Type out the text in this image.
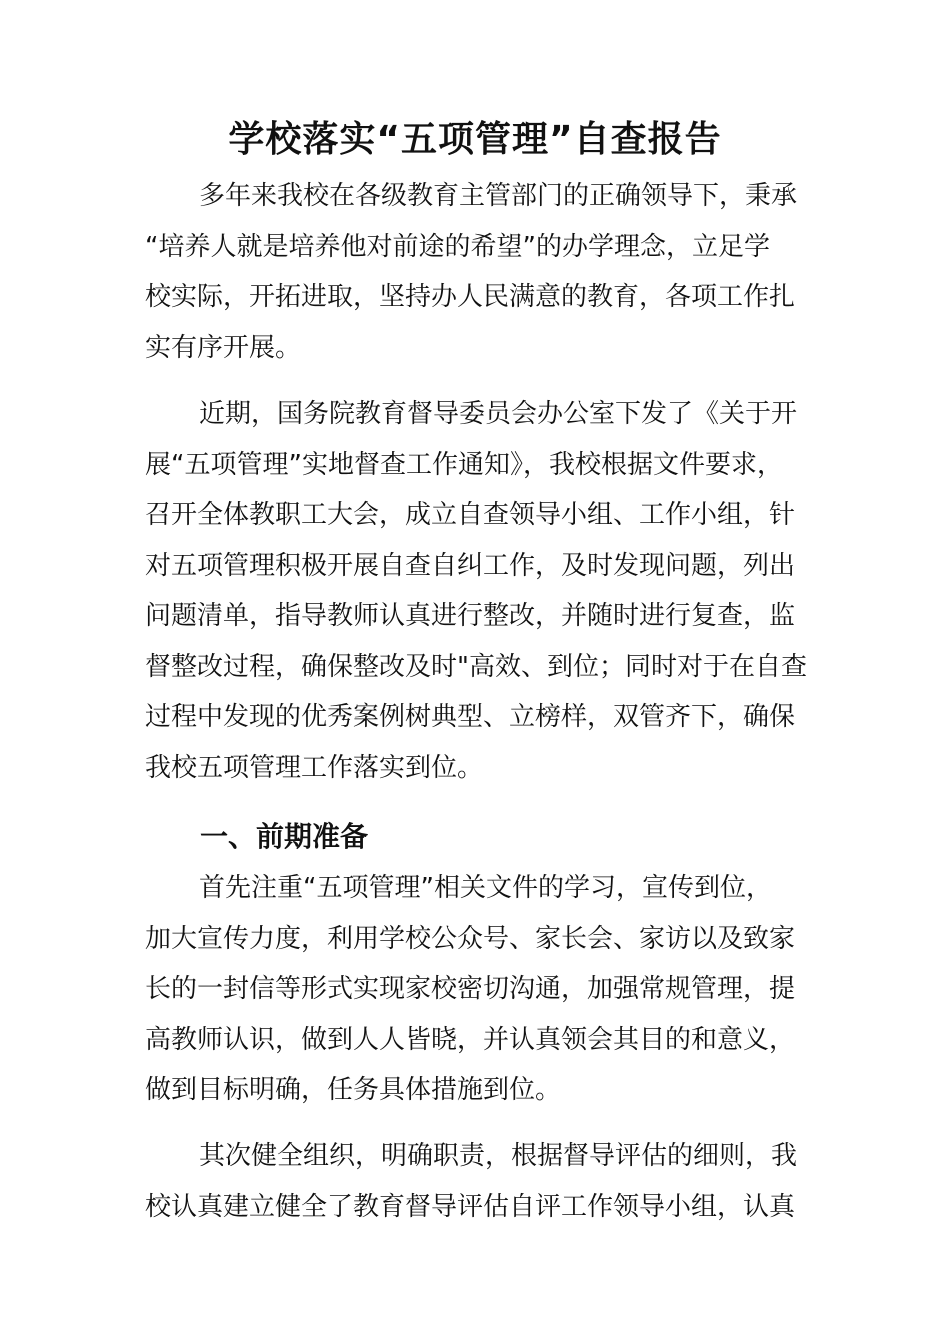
学校落实“五项管理”自查报告
多年来我校在各级教育主管部门的正确领导下，秉承
“培养人就是培养他对前途的希望”的办学理念，立足学
校实际，开拓进取，坚持办人民满意的教育，各项工作扎
实有序开展。
近期，国务院教育督导委员会办公室下发了《关于开
展“五项管理”实地督查工作通知》，我校根据文件要求，
召开全体教职工大会，成立自查领导小组、工作小组，针
对五项管理积极开展自查自纠工作，及时发现问题，列出
问题清单，指导教师认真进行整改，并随时进行复查，监
督整改过程，确保整改及时"高效、到位；同时对于在自查
过程中发现的优秀案例树典型、立榜样，双管齐下，确保
我校五项管理工作落实到位。
一、前期准备
首先注重“五项管理”相关文件的学习，宣传到位，
加大宣传力度，利用学校公众号、家长会、家访以及致家
长的一封信等形式实现家校密切沟通，加强常规管理，提
高教师认识，做到人人皆晓，并认真领会其目的和意义，
做到目标明确，任务具体措施到位。
其次健全组织，明确职责，根据督导评估的细则，我
校认真建立健全了教育督导评估自评工作领导小组，认真
